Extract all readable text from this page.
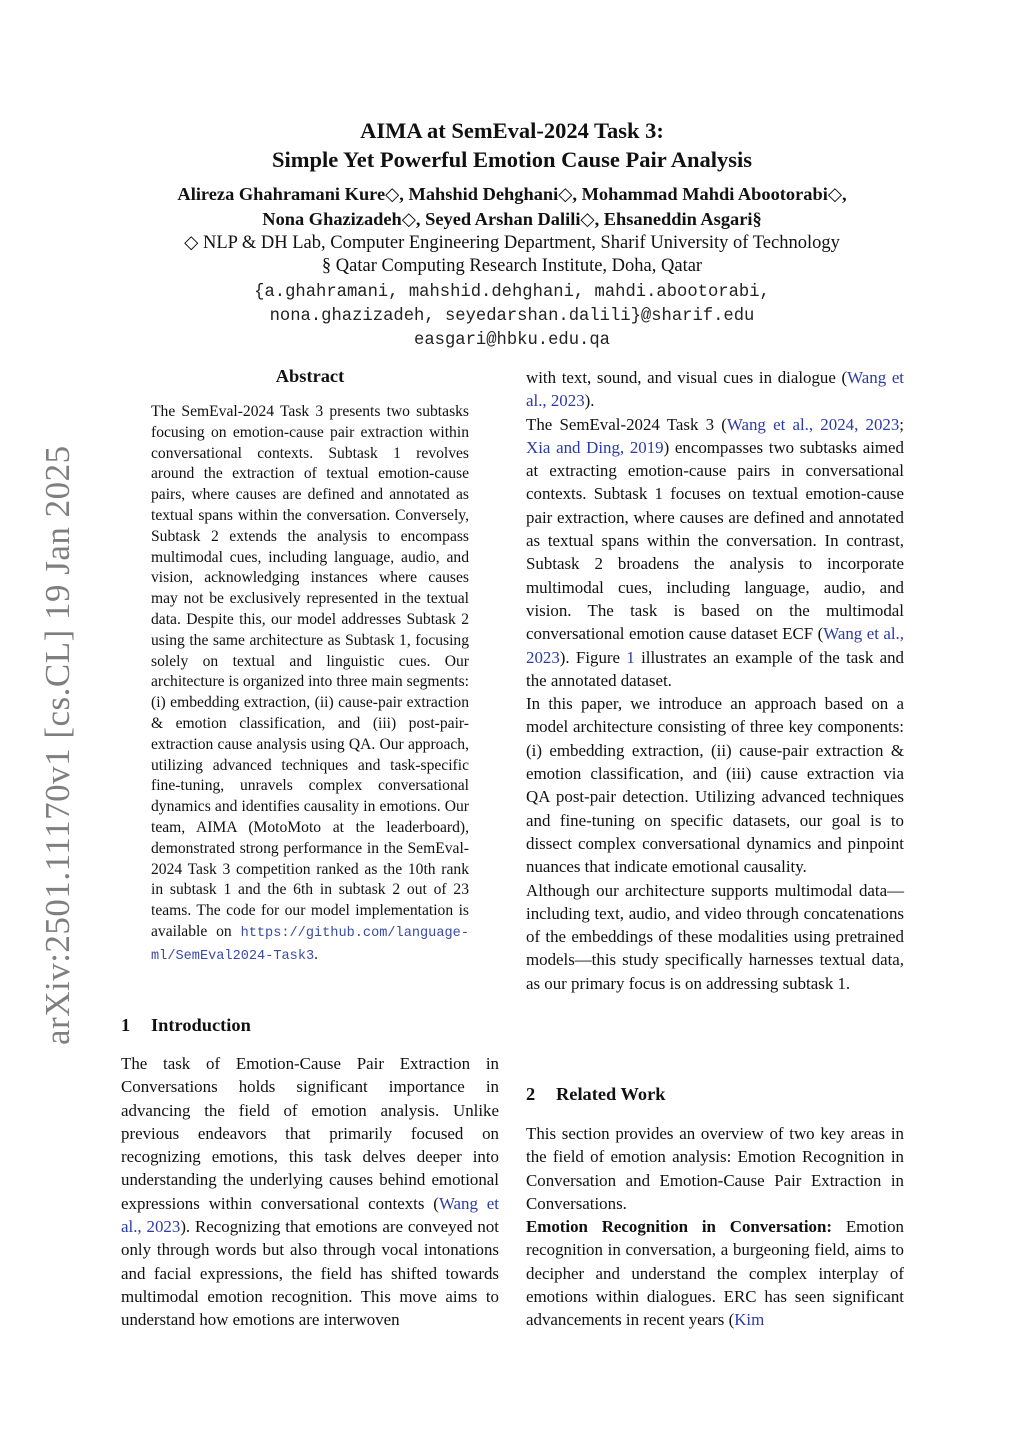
arXiv:2501.11170v1 [cs.CL] 19 Jan 2025
AIMA at SemEval-2024 Task 3:
Simple Yet Powerful Emotion Cause Pair Analysis
Alireza Ghahramani Kure◇, Mahshid Dehghani◇, Mohammad Mahdi Abootorabi◇,
Nona Ghazizadeh◇, Seyed Arshan Dalili◇, Ehsaneddin Asgari§
◇ NLP & DH Lab, Computer Engineering Department, Sharif University of Technology
§ Qatar Computing Research Institute, Doha, Qatar
{a.ghahramani, mahshid.dehghani, mahdi.abootorabi,
nona.ghazizadeh, seyedarshan.dalili}@sharif.edu
easgari@hbku.edu.qa
Abstract
The SemEval-2024 Task 3 presents two subtasks focusing on emotion-cause pair extraction within conversational contexts. Subtask 1 revolves around the extraction of textual emotion-cause pairs, where causes are defined and annotated as textual spans within the conversation. Conversely, Subtask 2 extends the analysis to encompass multimodal cues, including language, audio, and vision, acknowledging instances where causes may not be exclusively represented in the textual data. Despite this, our model addresses Subtask 2 using the same architecture as Subtask 1, focusing solely on textual and linguistic cues. Our architecture is organized into three main segments: (i) embedding extraction, (ii) cause-pair extraction & emotion classification, and (iii) post-pair-extraction cause analysis using QA. Our approach, utilizing advanced techniques and task-specific fine-tuning, unravels complex conversational dynamics and identifies causality in emotions. Our team, AIMA (MotoMoto at the leaderboard), demonstrated strong performance in the SemEval-2024 Task 3 competition ranked as the 10th rank in subtask 1 and the 6th in subtask 2 out of 23 teams. The code for our model implementation is available on https://github.com/language-ml/SemEval2024-Task3.
1 Introduction
The task of Emotion-Cause Pair Extraction in Conversations holds significant importance in advancing the field of emotion analysis. Unlike previous endeavors that primarily focused on recognizing emotions, this task delves deeper into understanding the underlying causes behind emotional expressions within conversational contexts (Wang et al., 2023). Recognizing that emotions are conveyed not only through words but also through vocal intonations and facial expressions, the field has shifted towards multimodal emotion recognition. This move aims to understand how emotions are interwoven

with text, sound, and visual cues in dialogue (Wang et al., 2023).

The SemEval-2024 Task 3 (Wang et al., 2024, 2023; Xia and Ding, 2019) encompasses two subtasks aimed at extracting emotion-cause pairs in conversational contexts. Subtask 1 focuses on textual emotion-cause pair extraction, where causes are defined and annotated as textual spans within the conversation. In contrast, Subtask 2 broadens the analysis to incorporate multimodal cues, including language, audio, and vision. The task is based on the multimodal conversational emotion cause dataset ECF (Wang et al., 2023). Figure 1 illustrates an example of the task and the annotated dataset.

In this paper, we introduce an approach based on a model architecture consisting of three key components: (i) embedding extraction, (ii) cause-pair extraction & emotion classification, and (iii) cause extraction via QA post-pair detection. Utilizing advanced techniques and fine-tuning on specific datasets, our goal is to dissect complex conversational dynamics and pinpoint nuances that indicate emotional causality.

Although our architecture supports multimodal data—including text, audio, and video through concatenations of the embeddings of these modalities using pretrained models—this study specifically harnesses textual data, as our primary focus is on addressing subtask 1.

2 Related Work

This section provides an overview of two key areas in the field of emotion analysis: Emotion Recognition in Conversation and Emotion-Cause Pair Extraction in Conversations.

Emotion Recognition in Conversation: Emotion recognition in conversation, a burgeoning field, aims to decipher and understand the complex interplay of emotions within dialogues. ERC has seen significant advancements in recent years (Kim
